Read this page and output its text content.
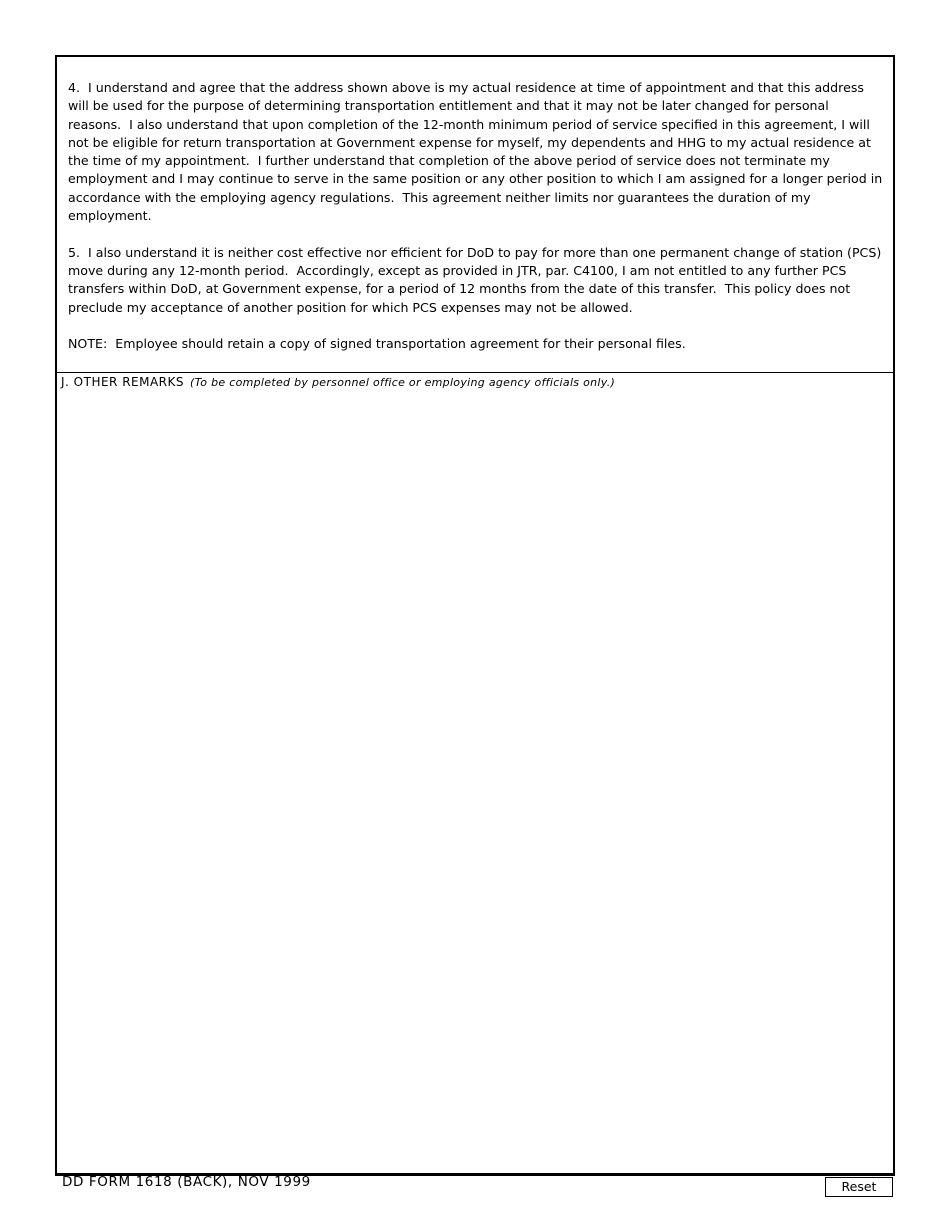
4.  I understand and agree that the address shown above is my actual residence at time of appointment and that this address will be used for the purpose of determining transportation entitlement and that it may not be later changed for personal reasons.  I also understand that upon completion of the 12-month minimum period of service specified in this agreement, I will not be eligible for return transportation at Government expense for myself, my dependents and HHG to my actual residence at the time of my appointment.  I further understand that completion of the above period of service does not terminate my employment and I may continue to serve in the same position or any other position to which I am assigned for a longer period in accordance with the employing agency regulations.  This agreement neither limits nor guarantees the duration of my employment.

5.  I also understand it is neither cost effective nor efficient for DoD to pay for more than one permanent change of station (PCS) move during any 12-month period.  Accordingly, except as provided in JTR, par. C4100, I am not entitled to any further PCS transfers within DoD, at Government expense, for a period of 12 months from the date of this transfer.  This policy does not preclude my acceptance of another position for which PCS expenses may not be allowed.

NOTE:  Employee should retain a copy of signed transportation agreement for their personal files.

J. OTHER REMARKS (To be completed by personnel office or employing agency officials only.)
DD FORM 1618 (BACK), NOV 1999	Reset
